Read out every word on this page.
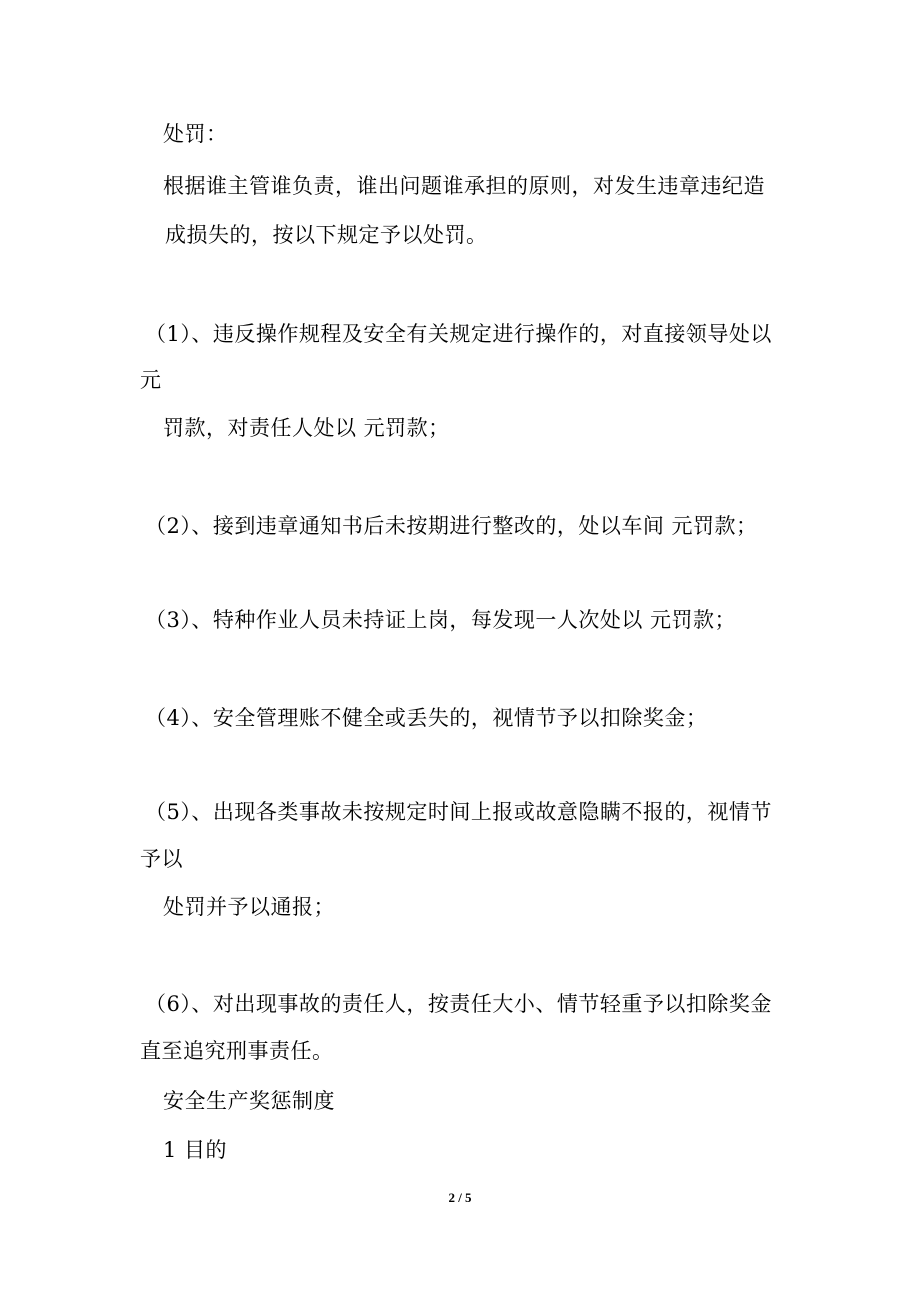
处罚：
根据谁主管谁负责，谁出问题谁承担的原则，对发生违章违纪造
成损失的，按以下规定予以处罚。
（1）、违反操作规程及安全有关规定进行操作的，对直接领导处以
元
罚款，对责任人处以 元罚款；
（2）、接到违章通知书后未按期进行整改的，处以车间 元罚款；
（3）、特种作业人员未持证上岗，每发现一人次处以 元罚款；
（4）、安全管理账不健全或丢失的，视情节予以扣除奖金；
（5）、出现各类事故未按规定时间上报或故意隐瞒不报的，视情节
予以
处罚并予以通报；
（6）、对出现事故的责任人，按责任大小、情节轻重予以扣除奖金
直至追究刑事责任。
安全生产奖惩制度
1 目的
2 / 5
